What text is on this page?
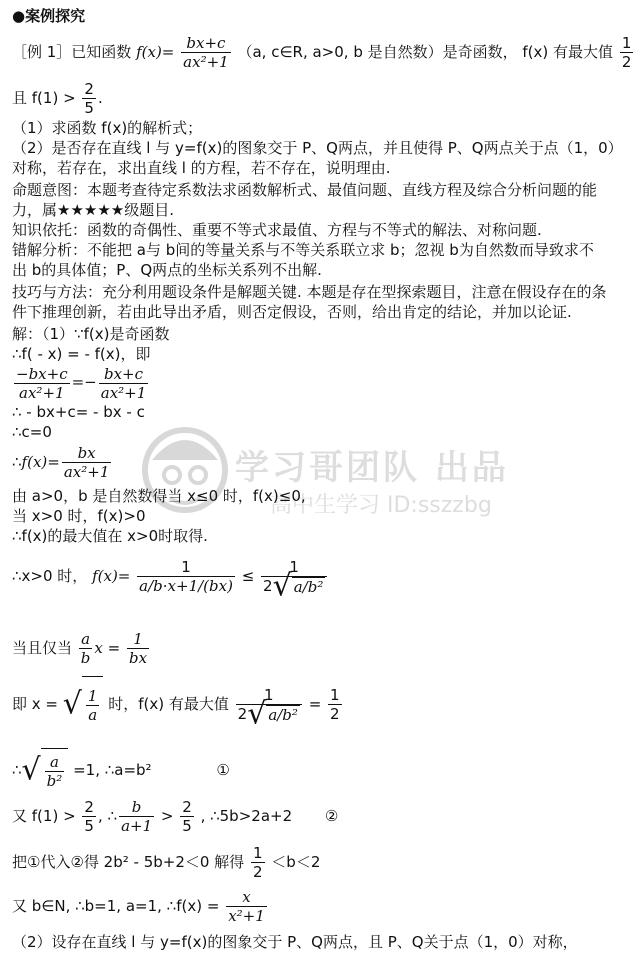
学习哥团队 出品
高中生学习 ID:sszzbg
●案例探究
［例 1］已知函数 $f(x)= \frac{bx+c}{\text{ax²+1}} (a$, c∈R, a>0, b 是自然数）是奇函数， f(x) 有最大值 $\frac{1}{2}$
且 $f(1) > \frac{2}{5}$ .
（1）求函数 f(x)的解析式；
（2）是否存在直线 l 与 y=f(x)的图象交于 P、Q两点，并且使得 P、Q两点关于点（1，0）
对称，若存在，求出直线 l 的方程，若不存在，说明理由.
命题意图：本题考查待定系数法求函数解析式、最值问题、直线方程及综合分析问题的能
力，属★★★★★级题目.
知识依托：函数的奇偶性、重要不等式求最值、方程与不等式的解法、对称问题.
错解分析：不能把 a与 b间的等量关系与不等关系联立求 b；忽视 b为自然数而导致求不
出 b的具体值；P、Q两点的坐标关系列不出解.
技巧与方法：充分利用题设条件是解题关键. 本题是存在型探索题目，注意在假设存在的条
件下推理创新，若由此导出矛盾，则否定假设，否则，给出肯定的结论，并加以论证.
解：（1）∵f(x)是奇函数
∴f( - x) = - f(x)，即
$\frac{-bx+c}{\text{ax²+1}} =- \frac{bx+c}{\text{ax²+1}}$
∴ - bx+c= - bx - c
∴c=0
∴f(x)= $\frac{bx}{\text{ax²+1}}$
由 a>0，b 是自然数得当 x≤0 时，f(x)≤0,
当 x>0 时，f(x)>0
∴f(x)的最大值在 x>0时取得.
∴x>0 时， $f(x)= \frac{1}{a/b\cdot x+1/(bx)} \le \frac{1}{\text{2√ a/b²}}$
当且仅当 $\frac{a}{b}$ $x = \frac{1}{bx}$
即 x = √ $\frac{1}{a}$ 时，f(x) 有最大值 $\frac{1}{\text{2√ a/b²}} = \frac{1}{2}$
∴√ $\frac{a}{\text{b²}} =1$, ∴a=b²	①
又 $f(1) > \frac{2}{5}$ , ∴ $\frac{b}{a+1} > \frac{2}{5}$ , ∴5b>2a+2 ②
把①代入②得 2b² - 5b+2＜0 解得 $\frac{1}{2} <b<2$
又 b∈N, ∴b=1, a=1, ∴f(x) = $\frac{x}{\text{x²+1}}$
（2）设存在直线 l 与 y=f(x)的图象交于 P、Q两点，且 P、Q关于点（1，0）对称，
